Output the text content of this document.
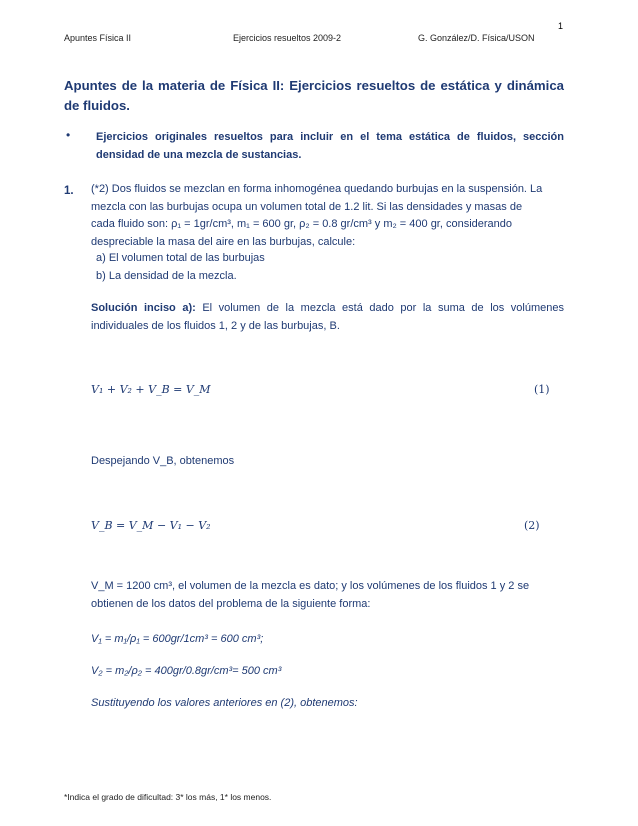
1
Apuntes Física II	Ejercicios resueltos 2009-2	G. González/D. Física/USON
Apuntes de la materia de Física II: Ejercicios resueltos de estática y dinámica de fluidos.
• Ejercicios originales resueltos para incluir en el tema estática de fluidos, sección densidad de una mezcla de sustancias.
1. (*2) Dos fluidos se mezclan en forma inhomogénea quedando burbujas en la suspensión. La
mezcla con las burbujas ocupa un volumen total de 1.2 lit. Si las densidades y masas de
cada fluido son: ρ₁ = 1gr/cm³, m₁ = 600 gr, ρ₂ = 0.8 gr/cm³ y m₂ = 400 gr, considerando
despreciable la masa del aire en las burbujas, calcule:
a) El volumen total de las burbujas
b) La densidad de la mezcla.
Solución inciso a): El volumen de la mezcla está dado por la suma de los volúmenes individuales de los fluidos 1, 2 y de las burbujas, B.
V₁ + V₂ + V_B = V_M	(1)
Despejando V_B, obtenemos
V_B = V_M − V₁ − V₂	(2)
V_M = 1200 cm³, el volumen de la mezcla es dato; y los volúmenes de los fluidos 1 y 2 se
obtienen de los datos del problema de la siguiente forma:
V₁ = m₁/ρ₁ = 600gr/1cm³ = 600 cm³;
V₂ = m₂/ρ₂ = 400gr/0.8gr/cm³= 500 cm³
Sustituyendo los valores anteriores en (2), obtenemos:
*Indica el grado de dificultad: 3* los más, 1* los menos.
